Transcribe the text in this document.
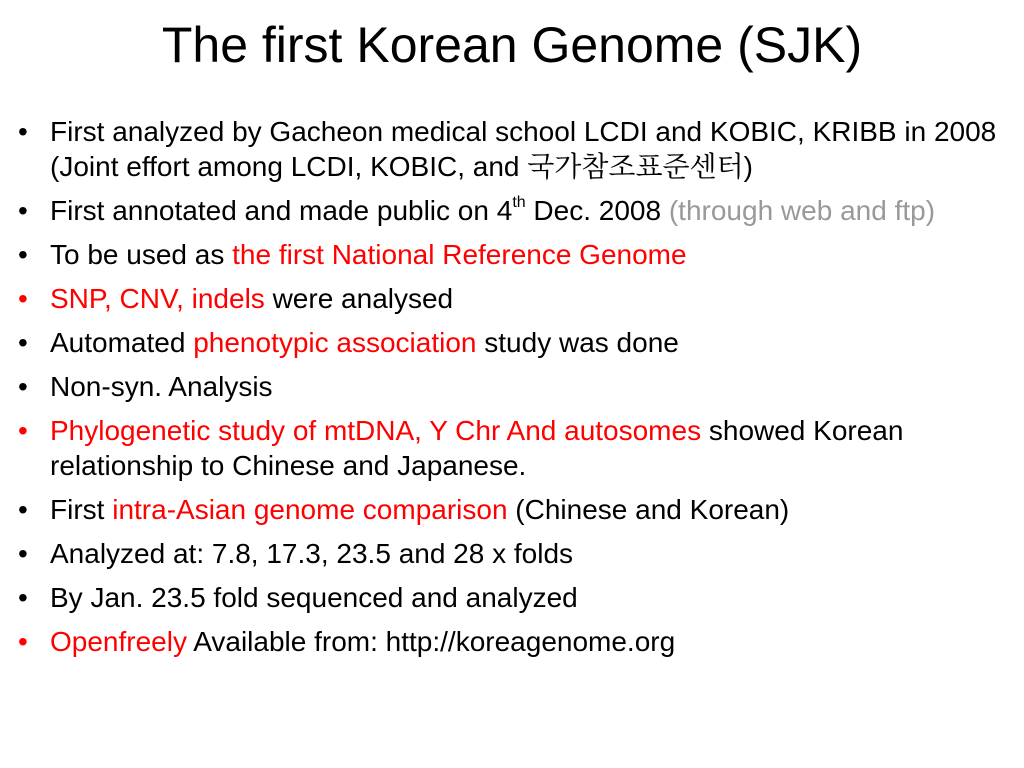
The first Korean Genome (SJK)
• First analyzed by Gacheon medical school LCDI and KOBIC, KRIBB in 2008 (Joint effort among LCDI, KOBIC, and 국가참조표준센터)
• First annotated and made public on 4th Dec. 2008 (through web and ftp)
• To be used as the first National Reference Genome
• SNP, CNV, indels were analysed
• Automated phenotypic association study was done
• Non-syn. Analysis
• Phylogenetic study of mtDNA, Y Chr And autosomes showed Korean relationship to Chinese and Japanese.
• First intra-Asian genome comparison (Chinese and Korean)
• Analyzed at: 7.8, 17.3, 23.5 and 28 x folds
• By Jan. 23.5 fold sequenced and analyzed
• Openfreely Available from: http://koreagenome.org
